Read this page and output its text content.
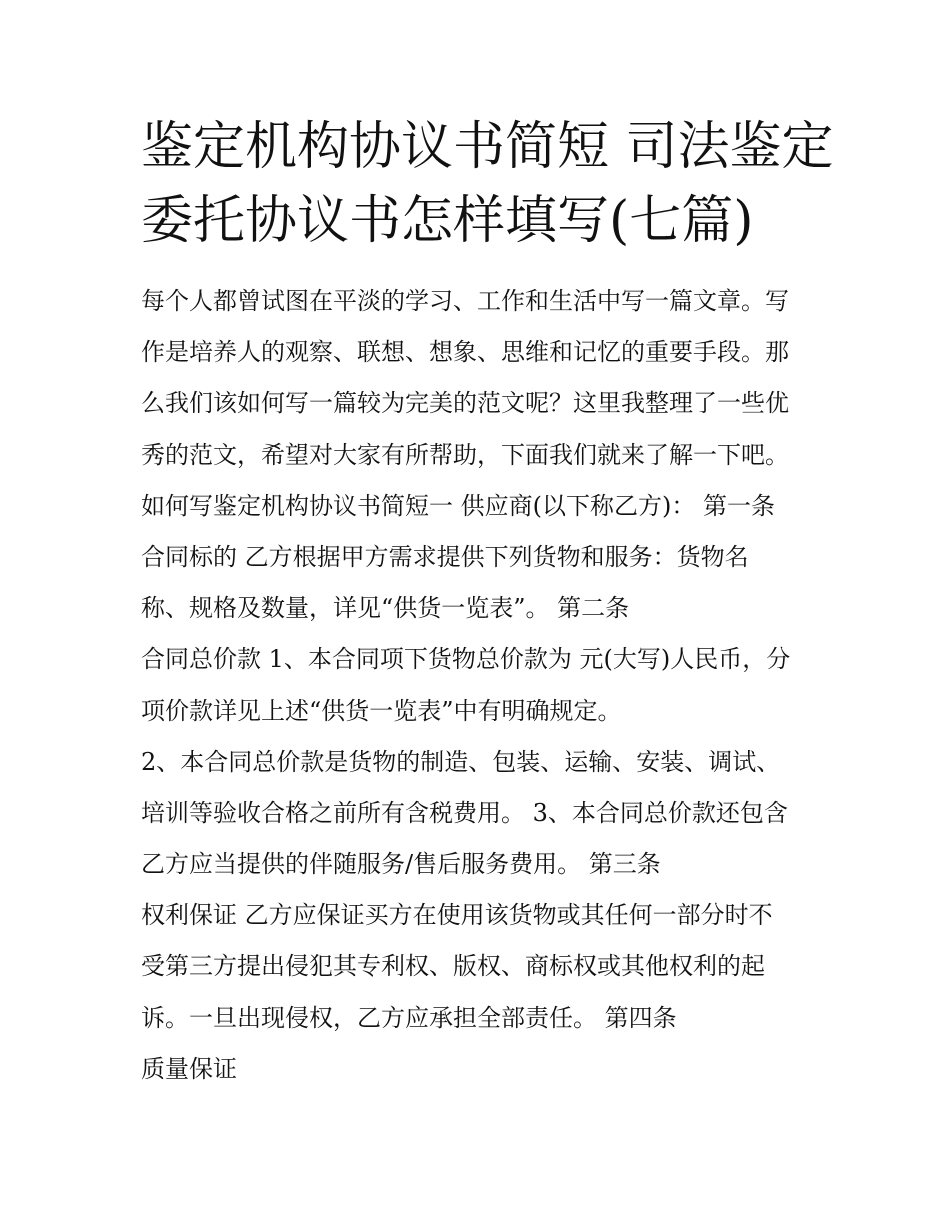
鉴定机构协议书简短 司法鉴定
委托协议书怎样填写(七篇)
每个人都曾试图在平淡的学习、工作和生活中写一篇文章。写
作是培养人的观察、联想、想象、思维和记忆的重要手段。那
么我们该如何写一篇较为完美的范文呢？这里我整理了一些优
秀的范文，希望对大家有所帮助，下面我们就来了解一下吧。
如何写鉴定机构协议书简短一 供应商(以下称乙方)： 第一条
合同标的 乙方根据甲方需求提供下列货物和服务：货物名
称、规格及数量，详见“供货一览表”。 第二条
合同总价款 1、本合同项下货物总价款为 元(大写)人民币，分
项价款详见上述“供货一览表”中有明确规定。
2、本合同总价款是货物的制造、包装、运输、安装、调试、
培训等验收合格之前所有含税费用。 3、本合同总价款还包含
乙方应当提供的伴随服务/售后服务费用。 第三条
权利保证 乙方应保证买方在使用该货物或其任何一部分时不
受第三方提出侵犯其专利权、版权、商标权或其他权利的起
诉。一旦出现侵权，乙方应承担全部责任。 第四条
质量保证
